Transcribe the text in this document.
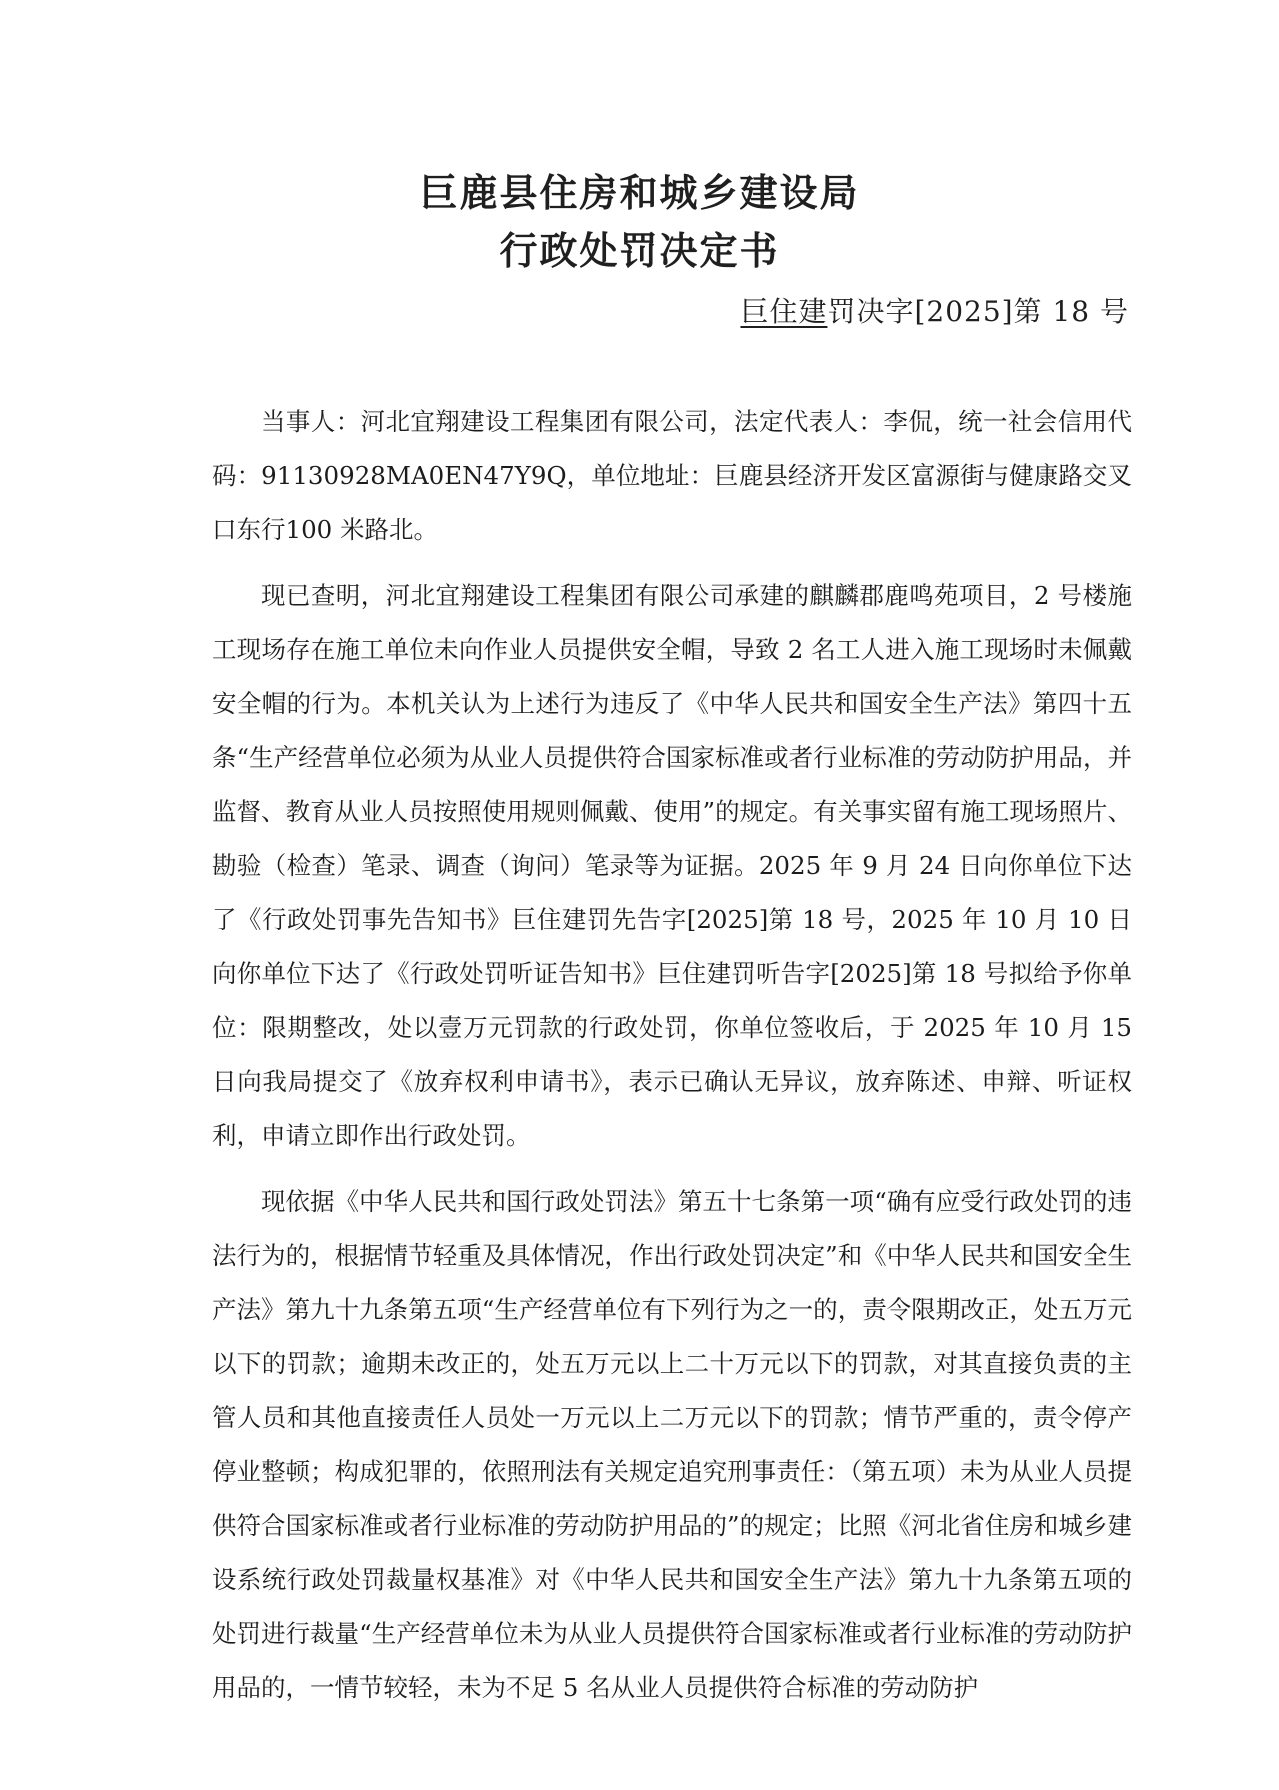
巨鹿县住房和城乡建设局
行政处罚决定书
巨住建罚决字[2025]第 18 号

当事人：河北宜翔建设工程集团有限公司，法定代表人：李侃，统一社会信用代码：91130928MA0EN47Y9Q，单位地址：巨鹿县经济开发区富源街与健康路交叉口东行100 米路北。

现已查明，河北宜翔建设工程集团有限公司承建的麒麟郡鹿鸣苑项目，2 号楼施工现场存在施工单位未向作业人员提供安全帽，导致 2 名工人进入施工现场时未佩戴安全帽的行为。本机关认为上述行为违反了《中华人民共和国安全生产法》第四十五条“生产经营单位必须为从业人员提供符合国家标准或者行业标准的劳动防护用品，并监督、教育从业人员按照使用规则佩戴、使用”的规定。有关事实留有施工现场照片、勘验（检查）笔录、调查（询问）笔录等为证据。2025 年 9 月 24 日向你单位下达了《行政处罚事先告知书》巨住建罚先告字[2025]第 18 号，2025 年 10 月 10 日向你单位下达了《行政处罚听证告知书》巨住建罚听告字[2025]第 18 号拟给予你单位：限期整改，处以壹万元罚款的行政处罚，你单位签收后，于 2025 年 10 月 15 日向我局提交了《放弃权利申请书》，表示已确认无异议，放弃陈述、申辩、听证权利，申请立即作出行政处罚。

现依据《中华人民共和国行政处罚法》第五十七条第一项“确有应受行政处罚的违法行为的，根据情节轻重及具体情况，作出行政处罚决定”和《中华人民共和国安全生产法》第九十九条第五项“生产经营单位有下列行为之一的，责令限期改正，处五万元以下的罚款；逾期未改正的，处五万元以上二十万元以下的罚款，对其直接负责的主管人员和其他直接责任人员处一万元以上二万元以下的罚款；情节严重的，责令停产停业整顿；构成犯罪的，依照刑法有关规定追究刑事责任：（第五项）未为从业人员提供符合国家标准或者行业标准的劳动防护用品的”的规定；比照《河北省住房和城乡建设系统行政处罚裁量权基准》对《中华人民共和国安全生产法》第九十九条第五项的处罚进行裁量“生产经营单位未为从业人员提供符合国家标准或者行业标准的劳动防护用品的，一情节较轻，未为不足 5 名从业人员提供符合标准的劳动防护
